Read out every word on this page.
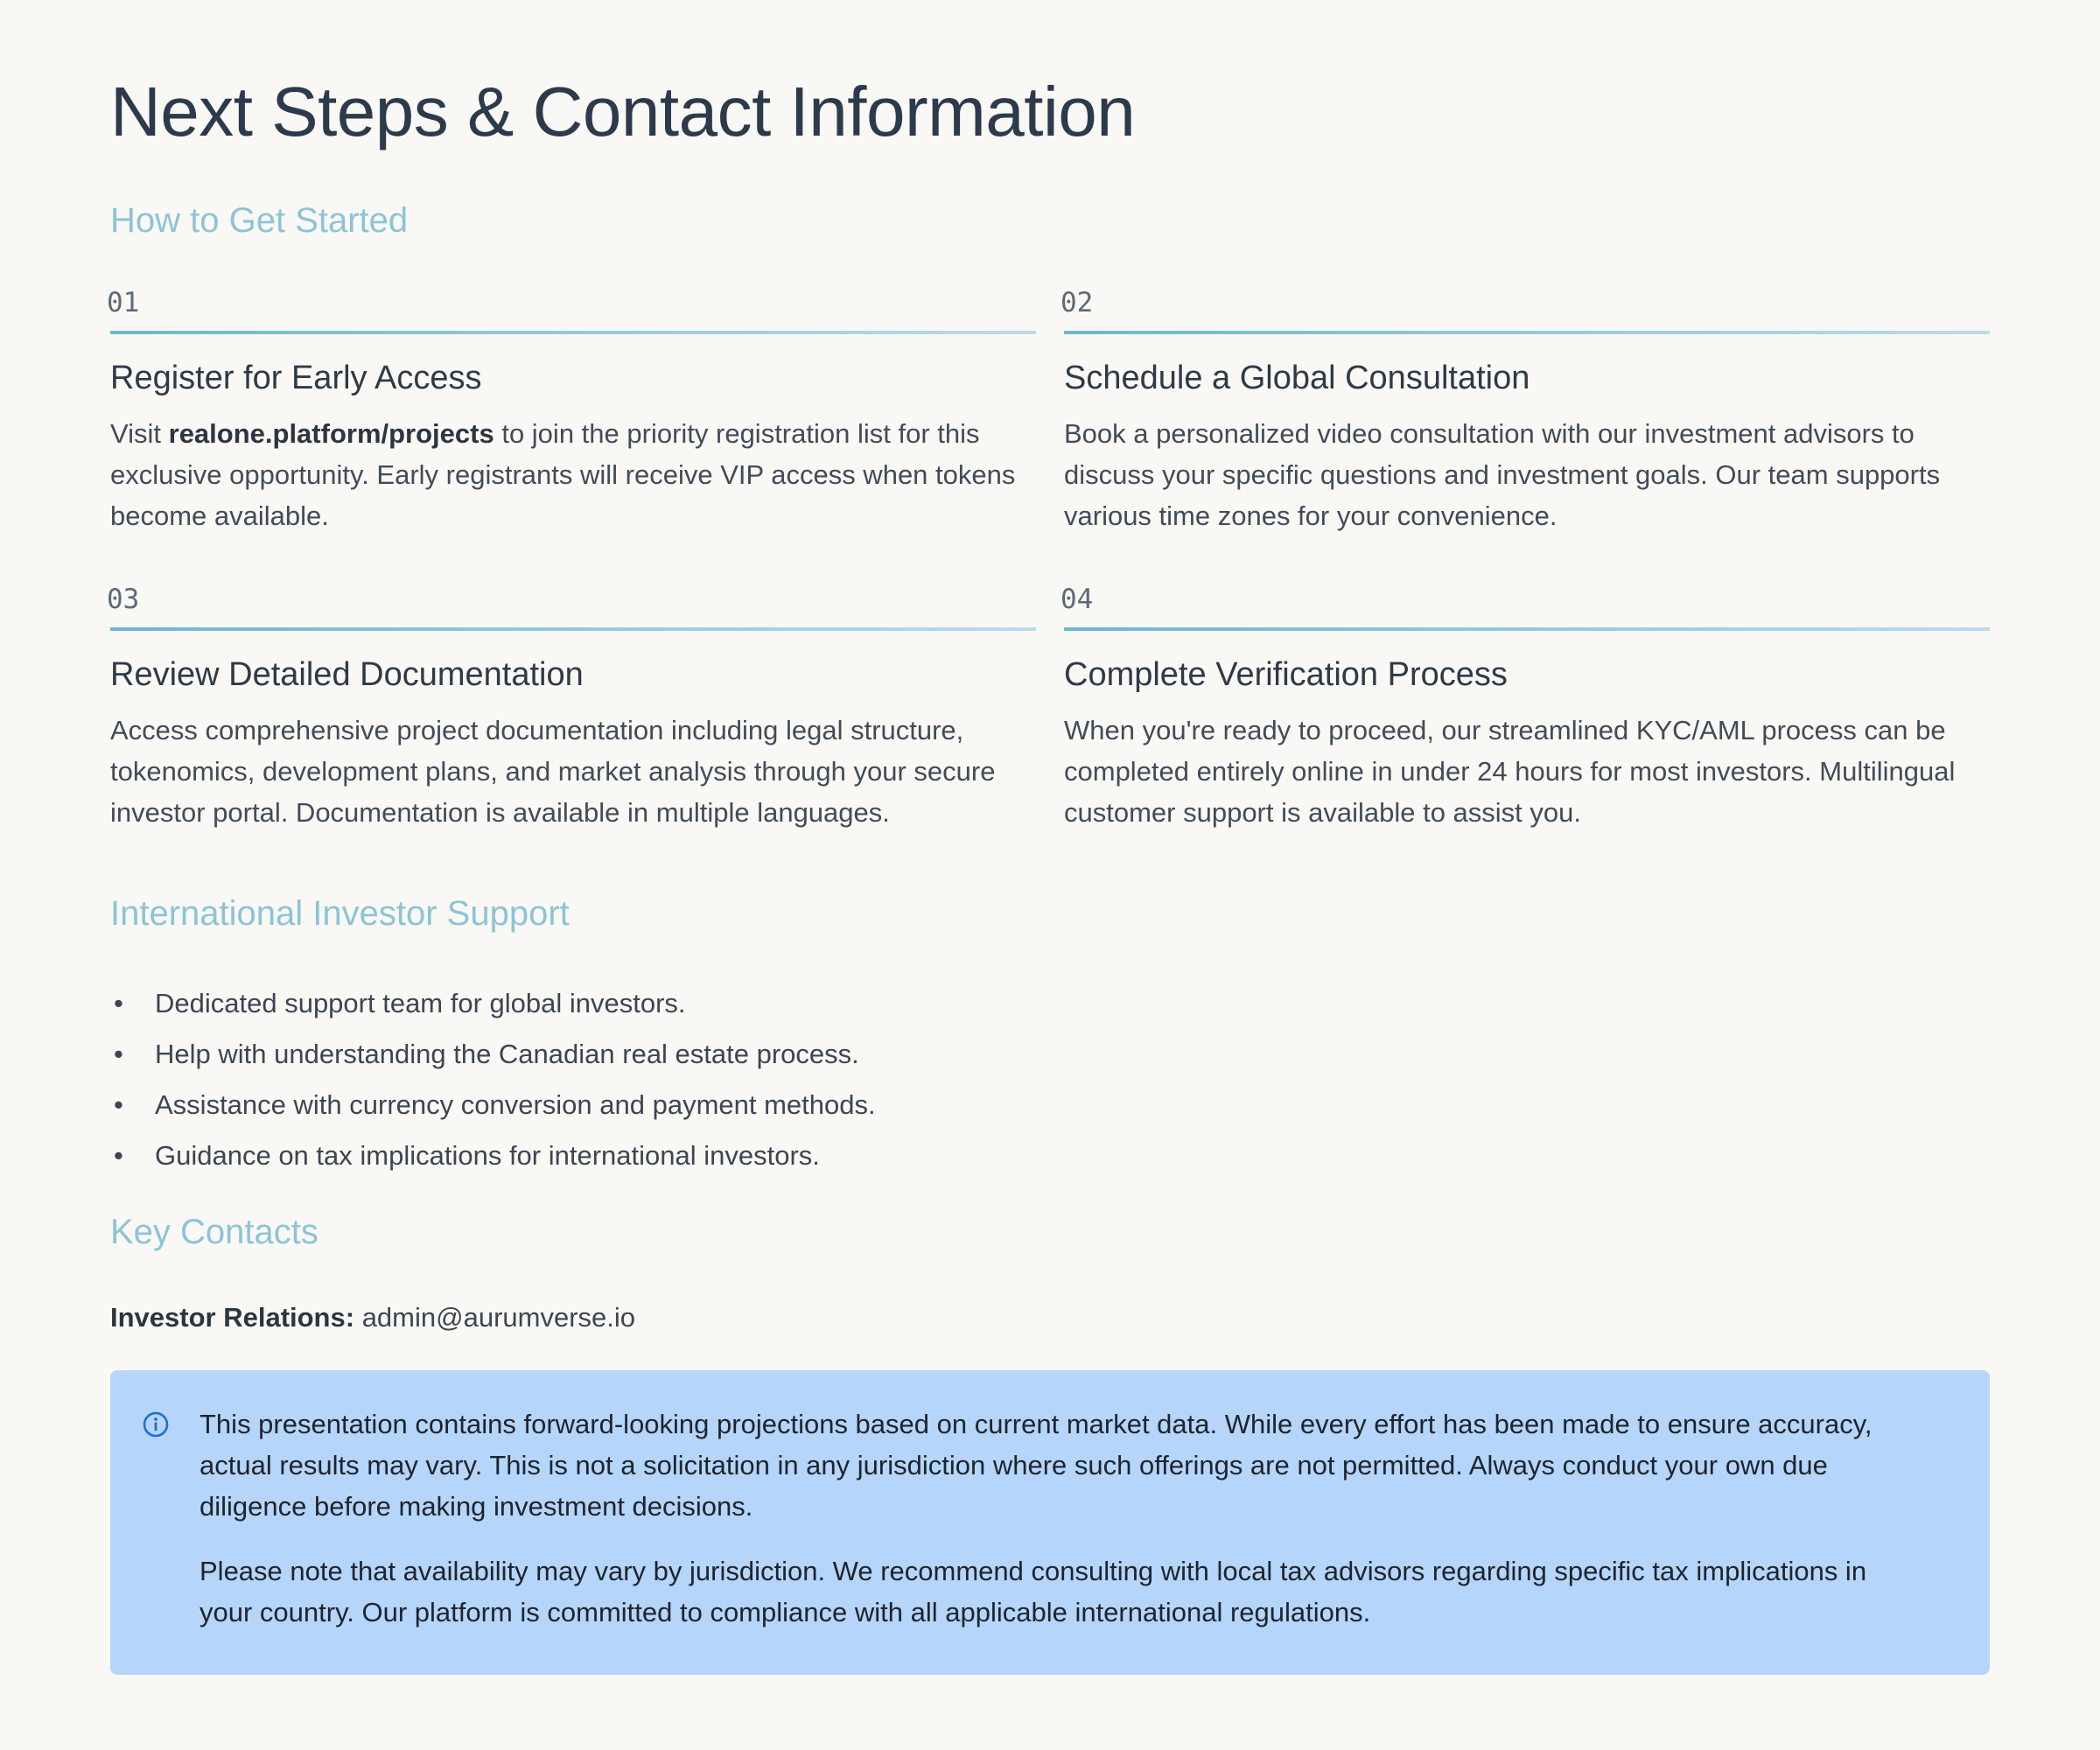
Next Steps & Contact Information
How to Get Started
01
Register for Early Access
Visit realone.platform/projects to join the priority registration list for this exclusive opportunity. Early registrants will receive VIP access when tokens become available.
02
Schedule a Global Consultation
Book a personalized video consultation with our investment advisors to discuss your specific questions and investment goals. Our team supports various time zones for your convenience.
03
Review Detailed Documentation
Access comprehensive project documentation including legal structure, tokenomics, development plans, and market analysis through your secure investor portal. Documentation is available in multiple languages.
04
Complete Verification Process
When you're ready to proceed, our streamlined KYC/AML process can be completed entirely online in under 24 hours for most investors. Multilingual customer support is available to assist you.
International Investor Support
• Dedicated support team for global investors.
• Help with understanding the Canadian real estate process.
• Assistance with currency conversion and payment methods.
• Guidance on tax implications for international investors.
Key Contacts
Investor Relations: admin@aurumverse.io

This presentation contains forward-looking projections based on current market data. While every effort has been made to ensure accuracy, actual results may vary. This is not a solicitation in any jurisdiction where such offerings are not permitted. Always conduct your own due diligence before making investment decisions.

Please note that availability may vary by jurisdiction. We recommend consulting with local tax advisors regarding specific tax implications in your country. Our platform is committed to compliance with all applicable international regulations.
